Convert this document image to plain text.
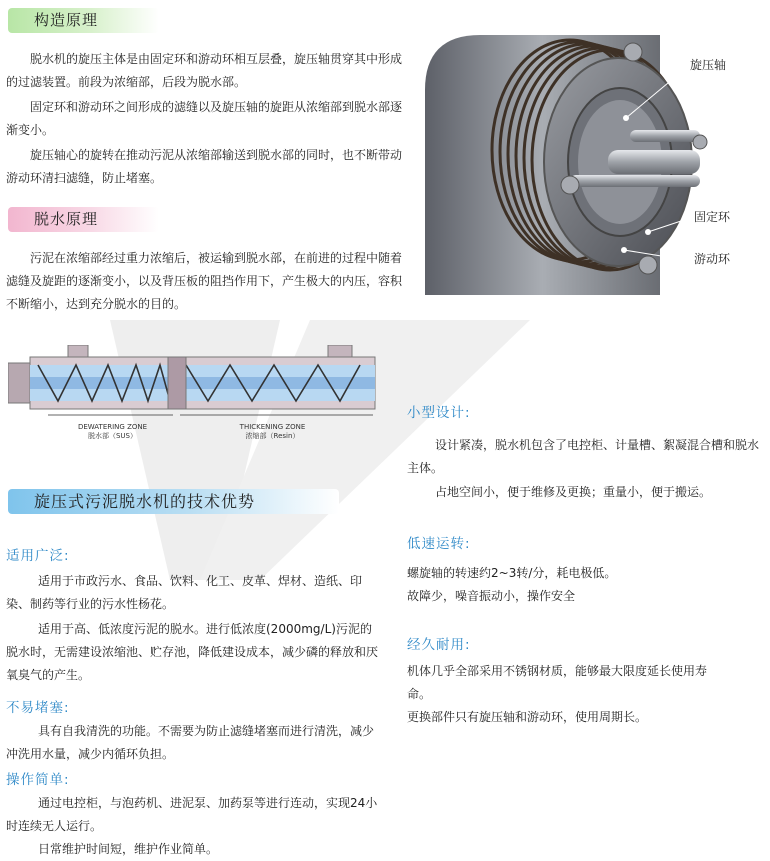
构造原理

脱水机的旋压主体是由固定环和游动环相互层叠，旋压轴贯穿其中形成的过滤装置。前段为浓缩部，后段为脱水部。

固定环和游动环之间形成的滤缝以及旋压轴的旋距从浓缩部到脱水部逐渐变小。

旋压轴心的旋转在推动污泥从浓缩部输送到脱水部的同时，也不断带动游动环清扫滤缝，防止堵塞。

旋压轴
固定环
游动环
脱水原理

污泥在浓缩部经过重力浓缩后，被运输到脱水部，在前进的过程中随着滤缝及旋距的逐渐变小，以及背压板的阻挡作用下，产生极大的内压，容积不断缩小，达到充分脱水的目的。

DEWATERING ZONE
脱水部（SUS）
THICKENING ZONE
浓缩部（Resin）
旋压式污泥脱水机的技术优势
适用广泛:

适用于市政污水、食品、饮料、化工、皮革、焊材、造纸、印染、制药等行业的污水性杨花。

适用于高、低浓度污泥的脱水。进行低浓度(2000mg/L)污泥的脱水时，无需建设浓缩池、贮存池，降低建设成本，减少磷的释放和厌氧臭气的产生。

不易堵塞:

具有自我清洗的功能。不需要为防止滤缝堵塞而进行清洗，减少冲洗用水量，减少内循环负担。

操作简单:

通过电控柜，与泡药机、进泥泵、加药泵等进行连动，实现24小时连续无人运行。

日常维护时间短，维护作业简单。

小型设计:

设计紧凑，脱水机包含了电控柜、计量槽、絮凝混合槽和脱水主体。

占地空间小，便于维修及更换；重量小，便于搬运。

低速运转:

螺旋轴的转速约2~3转/分，耗电极低。

故障少，噪音振动小，操作安全

经久耐用:

机体几乎全部采用不锈钢材质，能够最大限度延长使用寿命。

更换部件只有旋压轴和游动环，使用周期长。
